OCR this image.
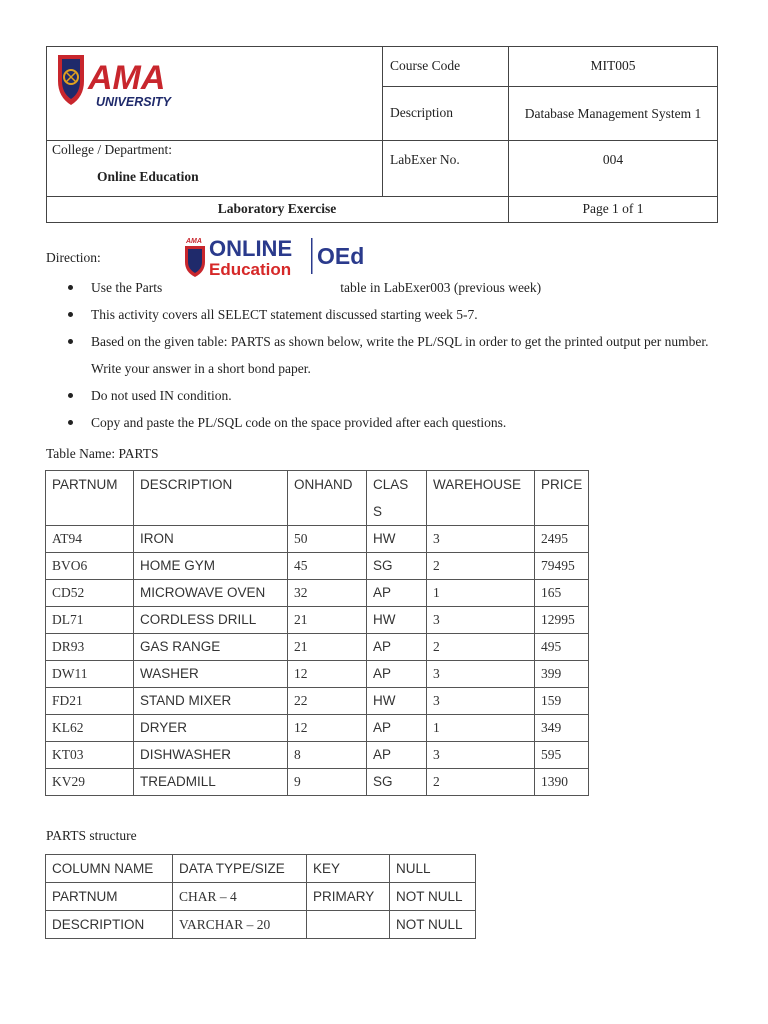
AMA
UNIVERSITY
Course Code	MIT005
Description	Database Management System 1
College / Department:
Online Education
LabExer No.	004
Laboratory Exercise	Page 1 of 1
Direction:
AMA ONLINE
Education
OEd
Use the Parts	table in LabExer003 (previous week)
This activity covers all SELECT statement discussed starting week 5-7.
Based on the given table: PARTS as shown below, write the PL/SQL in order to get the printed output per number. Write your answer in a short bond paper.
Do not used IN condition.
Copy and paste the PL/SQL code on the space provided after each questions.
Table Name: PARTS
PARTNUM	DESCRIPTION	ONHAND	CLAS S	WAREHOUSE	PRICE
AT94	IRON	50	HW	3	2495
BVO6	HOME GYM	45	SG	2	79495
CD52	MICROWAVE OVEN	32	AP	1	165
DL71	CORDLESS DRILL	21	HW	3	12995
DR93	GAS RANGE	21	AP	2	495
DW11	WASHER	12	AP	3	399
FD21	STAND MIXER	22	HW	3	159
KL62	DRYER	12	AP	1	349
KT03	DISHWASHER	8	AP	3	595
KV29	TREADMILL	9	SG	2	1390
PARTS structure
COLUMN NAME	DATA TYPE/SIZE	KEY	NULL
PARTNUM	CHAR – 4	PRIMARY	NOT NULL
DESCRIPTION	VARCHAR – 20		NOT NULL
